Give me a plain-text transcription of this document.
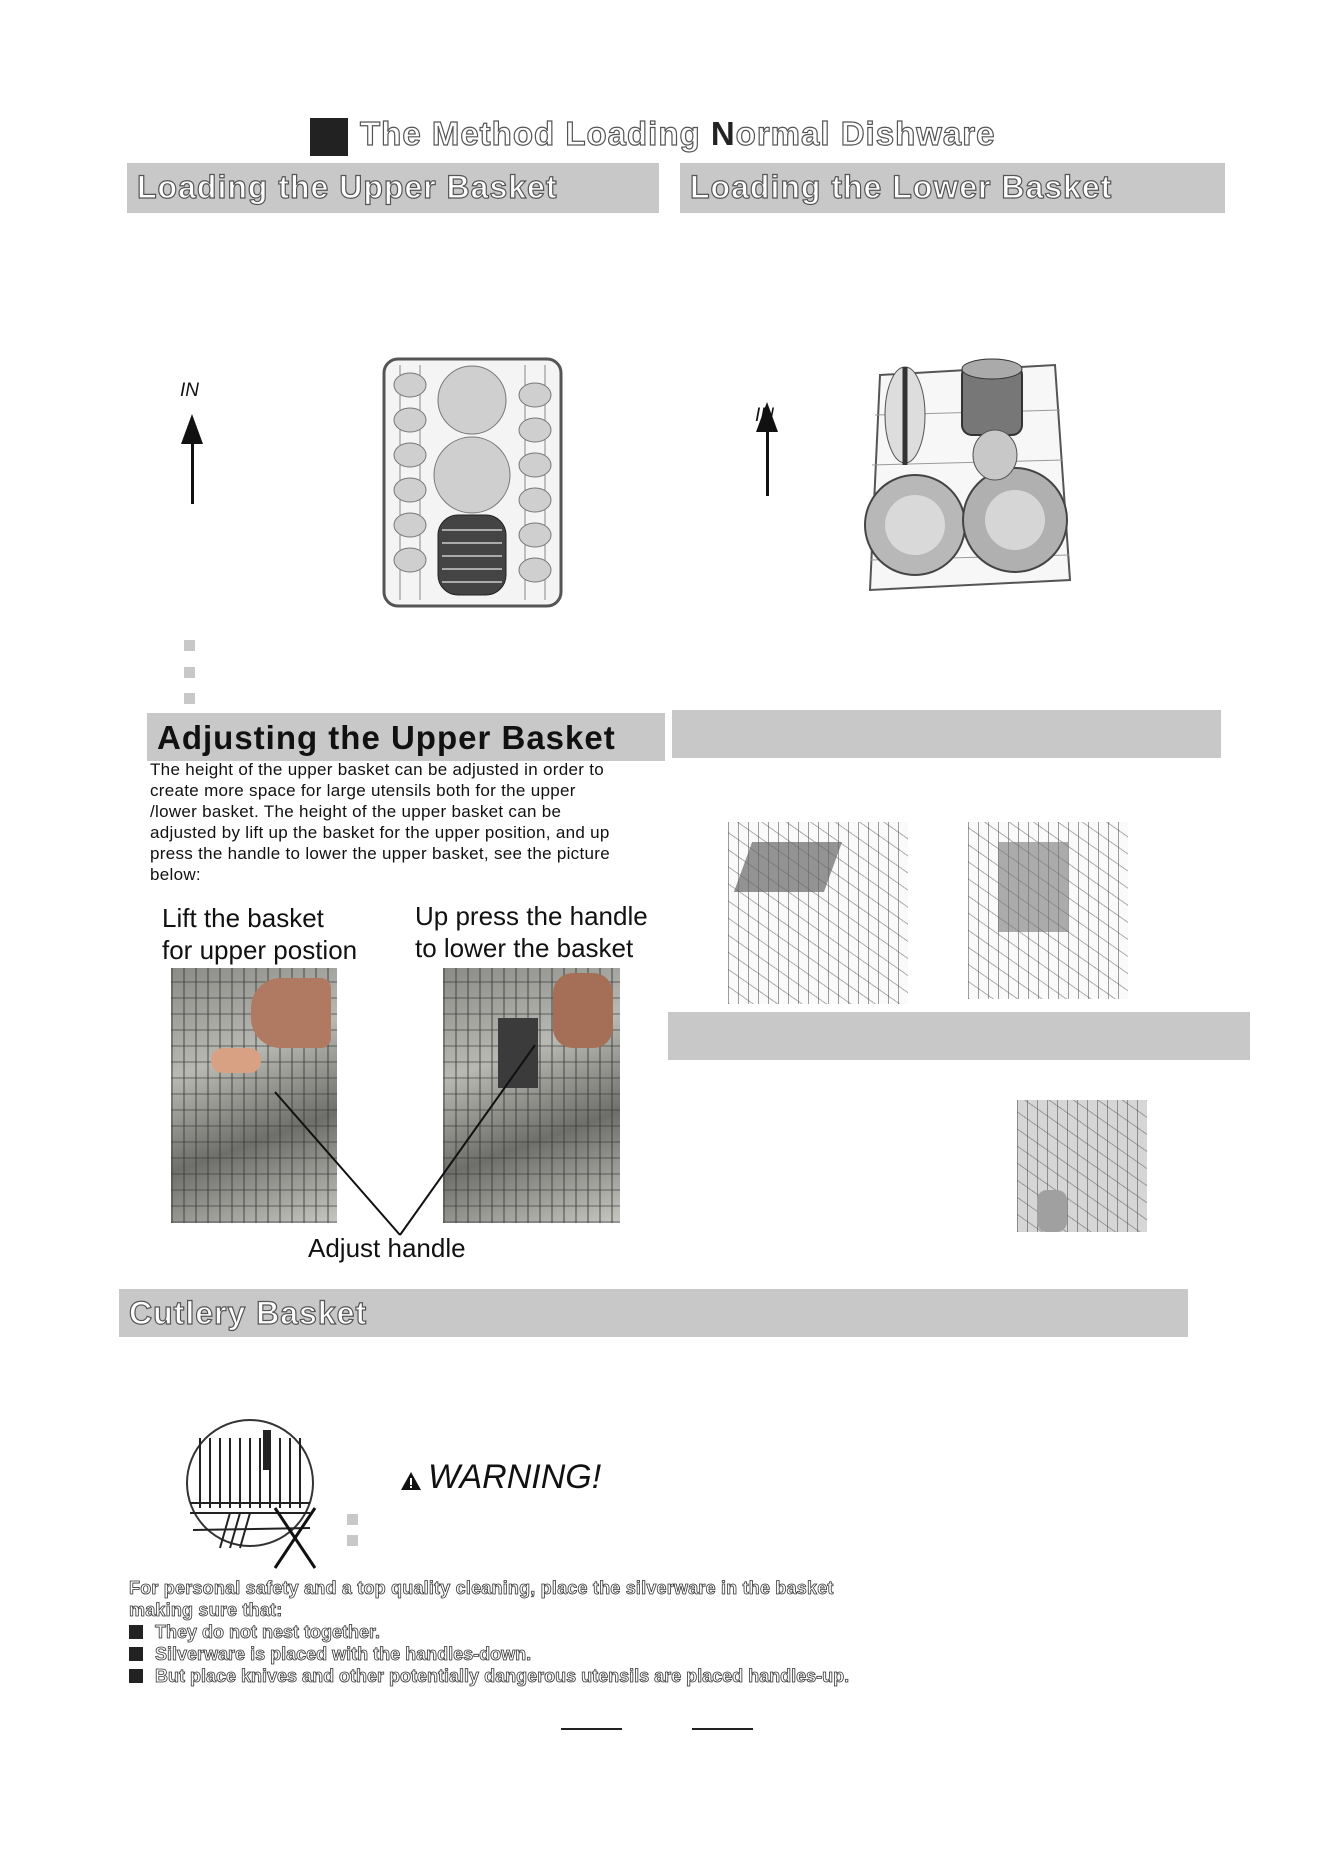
The Method Loading Normal Dishware
Loading the Upper Basket	Loading the Lower Basket
IN
IN
Adjusting the Upper Basket
The height of the upper basket can be adjusted in order to
create more space for large utensils both for the upper
/lower basket. The height of the upper basket can be
adjusted by lift up the basket for the upper position, and up
press the handle to lower the upper basket, see the picture
below:
Lift the basket
for upper postion
Up press the handle
to lower the basket
Adjust handle
Cutlery Basket
WARNING!
For personal safety and a top quality cleaning, place the silverware in the basket
making sure that:
They do not nest together.
Silverware is placed with the handles-down.
But place knives and other potentially dangerous utensils are placed handles-up.
